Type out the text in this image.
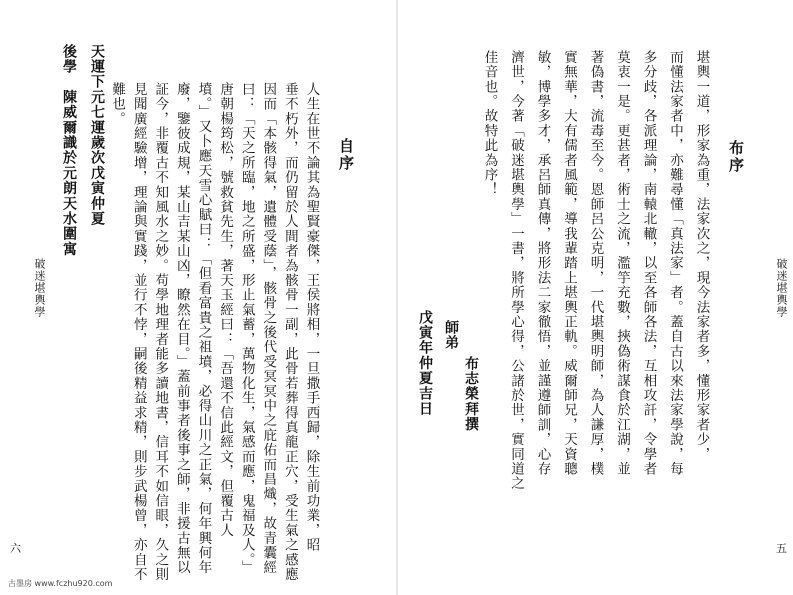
破迷堪輿學
後學　陳威爾識於元朗天水圍寓 天運下元七運歲次戊寅仲夏	人生在世不論其為聖賢豪傑，王侯將相，一旦撒手西歸，除生前功業，昭
垂不朽外，而仍留於人間者為骸骨一副，此骨若葬得真龍正穴，受生氣之感應
因而「本骸得氣，遺體受蔭」，骸骨之後代受冥冥中之庇佑而昌熾，故青囊經
曰：「天之所臨，地之所盛，形止氣蓄，萬物化生，氣感而應，鬼福及人。」
唐朝楊筠松，號救貧先生，著天玉經曰：「吾還不信此經文，但覆古人
墳。」又卜應天雪心賦曰：「但看富貴之祖墳，必得山川之正氣，何年興何年
廢，鑒彼成規，某山吉某山凶，瞭然在目。」蓋前事者後事之師，非援古無以
証今，非覆古不知風水之妙。苟學地理者能多讀地書，信耳不如信眼，久之則
見聞廣經驗增，理論與實踐，並行不悖，嗣後精益求精，則步武楊曾，亦自不
難也。
自序
六
戊寅年仲夏吉日 師弟
布志榮拜撰	堪輿一道，形家為重，法家次之，現今法家者多，懂形家者少，
而懂法家者中，亦難尋懂「真法家」者。蓋自古以來法家學說，每
多分歧，各派理論，南轅北轍，以至各師各法，互相攻訐，令學者
莫衷一是。更甚者，術士之流，濫竽充數，挾偽術謀食於江湖，並
著偽書，流毒至今。恩師呂公克明，一代堪輿明師，為人謙厚，樸
實無華，大有儒者風範，導我輩踏上堪輿正軌。威爾師兄，天資聰
敏，博學多才，承呂師真傳，將形法二家徹悟，並謹遵師訓，心存
濟世，今著「破迷堪輿學」一書，將所學心得，公諸於世，實同道之
佳音也。故特此為序！	布序
破迷堪輿學
五
古墨房 www.fczhu920.com
